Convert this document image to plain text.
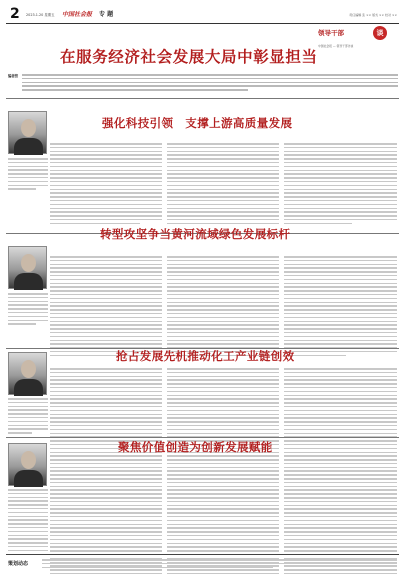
2 2023.1.20 星期五 中国社会报 专 题	责任编辑 张 ×× 版式 ×× 校对 ××
在服务经济社会发展大局中彰显担当
领导干部	谈
中国社会报 — 领导干部访谈
编者按
强化科技引领　支撑上游高质量发展
转型攻坚争当黄河流域绿色发展标杆
抢占发展先机推动化工产业链创效
聚焦价值创造为创新发展赋能
策划动态
